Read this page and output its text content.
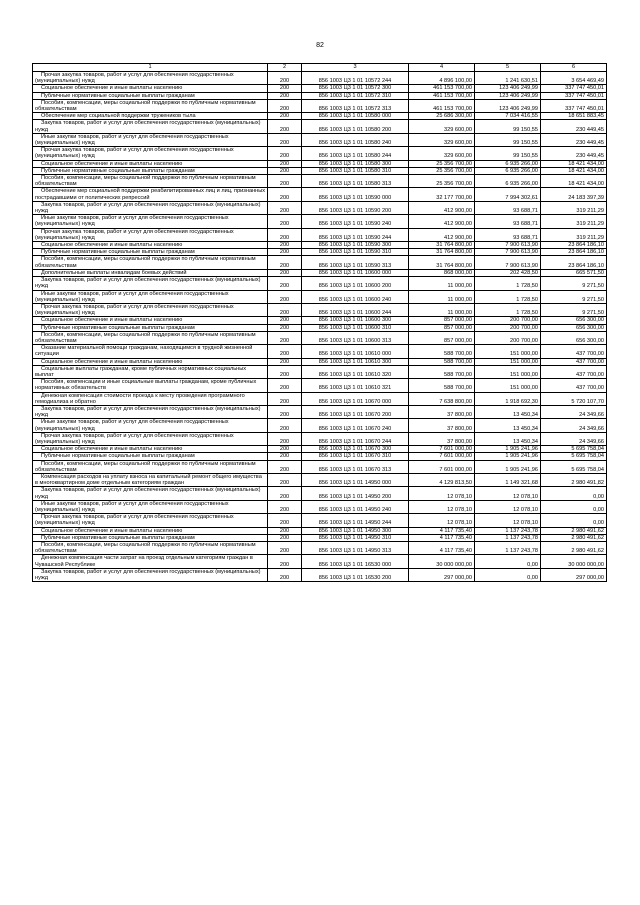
82
1	2	3	4	5	6
Прочая закупка товаров, работ и услуг для обеспечения государственных (муниципальных) нужд	200	856 1003 Ц3 1 01 10572 244	4 896 100,00	1 241 630,51	3 654 469,49
Социальное обеспечение и иные выплаты населению	200	856 1003 Ц3 1 01 10572 300	461 153 700,00	123 406 249,99	337 747 450,01
Публичные нормативные социальные выплаты гражданам	200	856 1003 Ц3 1 01 10572 310	461 153 700,00	123 406 249,99	337 747 450,01
Пособия, компенсации, меры социальной поддержки по публичным нормативным обязательствам	200	856 1003 Ц3 1 01 10572 313	461 153 700,00	123 406 249,99	337 747 450,01
Обеспечение мер социальной поддержки тружеников тыла	200	856 1003 Ц3 1 01 10580 000	25 686 300,00	7 034 416,55	18 651 883,45
Закупка товаров, работ и услуг для обеспечения государственных (муниципальных) нужд	200	856 1003 Ц3 1 01 10580 200	329 600,00	99 150,55	230 449,45
Иные закупки товаров, работ и услуг для обеспечения государственных (муниципальных) нужд	200	856 1003 Ц3 1 01 10580 240	329 600,00	99 150,55	230 449,45
Прочая закупка товаров, работ и услуг для обеспечения государственных (муниципальных) нужд	200	856 1003 Ц3 1 01 10580 244	329 600,00	99 150,55	230 449,45
Социальное обеспечение и иные выплаты населению	200	856 1003 Ц3 1 01 10580 300	25 356 700,00	6 935 266,00	18 421 434,00
Публичные нормативные социальные выплаты гражданам	200	856 1003 Ц3 1 01 10580 310	25 356 700,00	6 935 266,00	18 421 434,00
Пособия, компенсации, меры социальной поддержки по публичным нормативным обязательствам	200	856 1003 Ц3 1 01 10580 313	25 356 700,00	6 935 266,00	18 421 434,00
Обеспечение мер социальной поддержки реабилитированных лиц и лиц, признанных пострадавшими от политических репрессий	200	856 1003 Ц3 1 01 10590 000	32 177 700,00	7 994 302,61	24 183 397,39
Закупка товаров, работ и услуг для обеспечения государственных (муниципальных) нужд	200	856 1003 Ц3 1 01 10590 200	412 900,00	93 688,71	319 211,29
Иные закупки товаров, работ и услуг для обеспечения государственных (муниципальных) нужд	200	856 1003 Ц3 1 01 10590 240	412 900,00	93 688,71	319 211,29
Прочая закупка товаров, работ и услуг для обеспечения государственных (муниципальных) нужд	200	856 1003 Ц3 1 01 10590 244	412 900,00	93 688,71	319 211,29
Социальное обеспечение и иные выплаты населению	200	856 1003 Ц3 1 01 10590 300	31 764 800,00	7 900 613,90	23 864 186,10
Публичные нормативные социальные выплаты гражданам	200	856 1003 Ц3 1 01 10590 310	31 764 800,00	7 900 613,90	23 864 186,10
Пособия, компенсации, меры социальной поддержки по публичным нормативным обязательствам	200	856 1003 Ц3 1 01 10590 313	31 764 800,00	7 900 613,90	23 864 186,10
Дополнительные выплаты инвалидам боевых действий	200	856 1003 Ц3 1 01 10600 000	868 000,00	202 428,50	665 571,50
Закупка товаров, работ и услуг для обеспечения государственных (муниципальных) нужд	200	856 1003 Ц3 1 01 10600 200	11 000,00	1 728,50	9 271,50
Иные закупки товаров, работ и услуг для обеспечения государственных (муниципальных) нужд	200	856 1003 Ц3 1 01 10600 240	11 000,00	1 728,50	9 271,50
Прочая закупка товаров, работ и услуг для обеспечения государственных (муниципальных) нужд	200	856 1003 Ц3 1 01 10600 244	11 000,00	1 728,50	9 271,50
Социальное обеспечение и иные выплаты населению	200	856 1003 Ц3 1 01 10600 300	857 000,00	200 700,00	656 300,00
Публичные нормативные социальные выплаты гражданам	200	856 1003 Ц3 1 01 10600 310	857 000,00	200 700,00	656 300,00
Пособия, компенсации, меры социальной поддержки по публичным нормативным обязательствам	200	856 1003 Ц3 1 01 10600 313	857 000,00	200 700,00	656 300,00
Оказание материальной помощи гражданам, находящимся в трудной жизненной ситуации	200	856 1003 Ц3 1 01 10610 000	588 700,00	151 000,00	437 700,00
Социальное обеспечение и иные выплаты населению	200	856 1003 Ц3 1 01 10610 300	588 700,00	151 000,00	437 700,00
Социальные выплаты гражданам, кроме публичных нормативных социальных выплат	200	856 1003 Ц3 1 01 10610 320	588 700,00	151 000,00	437 700,00
Пособия, компенсации и иные социальные выплаты гражданам, кроме публичных нормативных обязательств	200	856 1003 Ц3 1 01 10610 321	588 700,00	151 000,00	437 700,00
Денежная компенсация стоимости проезда к месту проведения программного гемодиализа и обратно	200	856 1003 Ц3 1 01 10670 000	7 638 800,00	1 918 692,30	5 720 107,70
Закупка товаров, работ и услуг для обеспечения государственных (муниципальных) нужд	200	856 1003 Ц3 1 01 10670 200	37 800,00	13 450,34	24 349,66
Иные закупки товаров, работ и услуг для обеспечения государственных (муниципальных) нужд	200	856 1003 Ц3 1 01 10670 240	37 800,00	13 450,34	24 349,66
Прочая закупка товаров, работ и услуг для обеспечения государственных (муниципальных) нужд	200	856 1003 Ц3 1 01 10670 244	37 800,00	13 450,34	24 349,66
Социальное обеспечение и иные выплаты населению	200	856 1003 Ц3 1 01 10670 300	7 601 000,00	1 905 241,96	5 695 758,04
Публичные нормативные социальные выплаты гражданам	200	856 1003 Ц3 1 01 10670 310	7 601 000,00	1 905 241,96	5 695 758,04
Пособия, компенсации, меры социальной поддержки по публичным нормативным обязательствам	200	856 1003 Ц3 1 01 10670 313	7 601 000,00	1 905 241,96	5 695 758,04
Компенсация расходов на уплату взноса на капитальный ремонт общего имущества в многоквартирном доме отдельным категориям граждан	200	856 1003 Ц3 1 01 14950 000	4 129 813,50	1 149 321,68	2 980 491,82
Закупка товаров, работ и услуг для обеспечения государственных (муниципальных) нужд	200	856 1003 Ц3 1 01 14950 200	12 078,10	12 078,10	0,00
Иные закупки товаров, работ и услуг для обеспечения государственных (муниципальных) нужд	200	856 1003 Ц3 1 01 14950 240	12 078,10	12 078,10	0,00
Прочая закупка товаров, работ и услуг для обеспечения государственных (муниципальных) нужд	200	856 1003 Ц3 1 01 14950 244	12 078,10	12 078,10	0,00
Социальное обеспечение и иные выплаты населению	200	856 1003 Ц3 1 01 14950 300	4 117 735,40	1 137 243,78	2 980 491,62
Публичные нормативные социальные выплаты гражданам	200	856 1003 Ц3 1 01 14950 310	4 117 735,40	1 137 243,78	2 980 491,62
Пособия, компенсации, меры социальной поддержки по публичным нормативным обязательствам	200	856 1003 Ц3 1 01 14950 313	4 117 735,40	1 137 243,78	2 980 491,62
Денежная компенсация части затрат на проезд отдельным категориям граждан в Чувашской Республике	200	856 1003 Ц3 1 01 16530 000	30 000 000,00	0,00	30 000 000,00
Закупка товаров, работ и услуг для обеспечения государственных (муниципальных) нужд	200	856 1003 Ц3 1 01 16530 200	297 000,00	0,00	297 000,00
